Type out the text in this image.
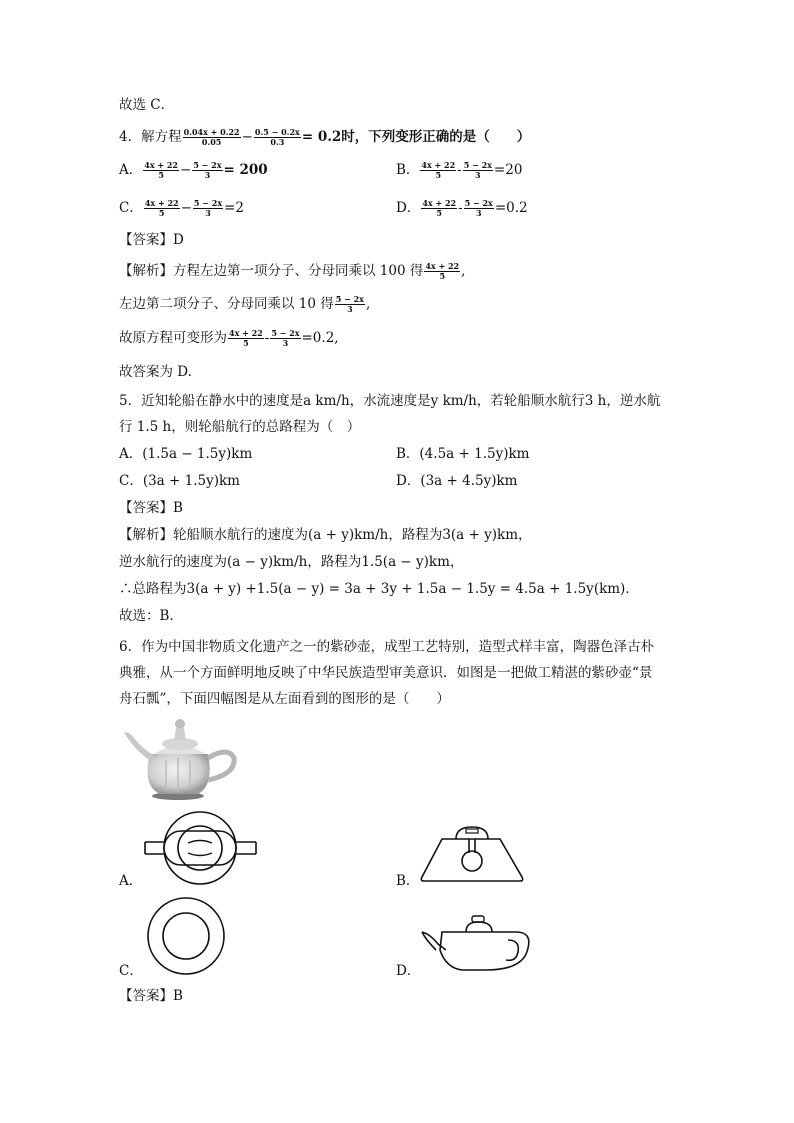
故选 C．
4．解方程 $\frac{0.04x + 0.22}{0.05} - \frac{0.5 - 0.2x}{0.3} = 0.2$时，下列变形正确的是（　　）
A． $\frac{4x + 22}{5} - \frac{5 - 2x}{3} = 200$	B． $\frac{4x + 22}{5} - \frac{5 - 2x}{3} =20$
C． $\frac{4x + 22}{5} - \frac{5 - 2x}{3} =2$	D． $\frac{4x + 22}{5} - \frac{5 - 2x}{3} =0.2$
【答案】D
【解析】方程左边第一项分子、分母同乘以 100 得 $\frac{4x + 22}{5}$ ,
左边第二项分子、分母同乘以 10 得 $\frac{5 - 2x}{3}$ ,
故原方程可变形为 $\frac{4x + 22}{5} - \frac{5 - 2x}{3} =0.2$,
故答案为 D.
5．近知轮船在静水中的速度是a km/h，水流速度是y km/h，若轮船顺水航行3 h，逆水航
行 1.5 h，则轮船航行的总路程为（　）
A．(1.5a − 1.5y)km	B．(4.5a + 1.5y)km
C．(3a + 1.5y)km	D．(3a + 4.5y)km
【答案】B
【解析】轮船顺水航行的速度为(a + y)km/h，路程为3(a + y)km，
逆水航行的速度为(a − y)km/h，路程为1.5(a − y)km，
∴总路程为3(a + y) +1.5(a − y) = 3a + 3y + 1.5a − 1.5y = 4.5a + 1.5y(km)．
故选：B.
6．作为中国非物质文化遗产之一的紫砂壶，成型工艺特别，造型式样丰富，陶器色泽古朴
典雅，从一个方面鲜明地反映了中华民族造型审美意识．如图是一把做工精湛的紫砂壶“景
舟石瓢”，下面四幅图是从左面看到的图形的是（　　）
A．	B．
C．	D．
【答案】B
